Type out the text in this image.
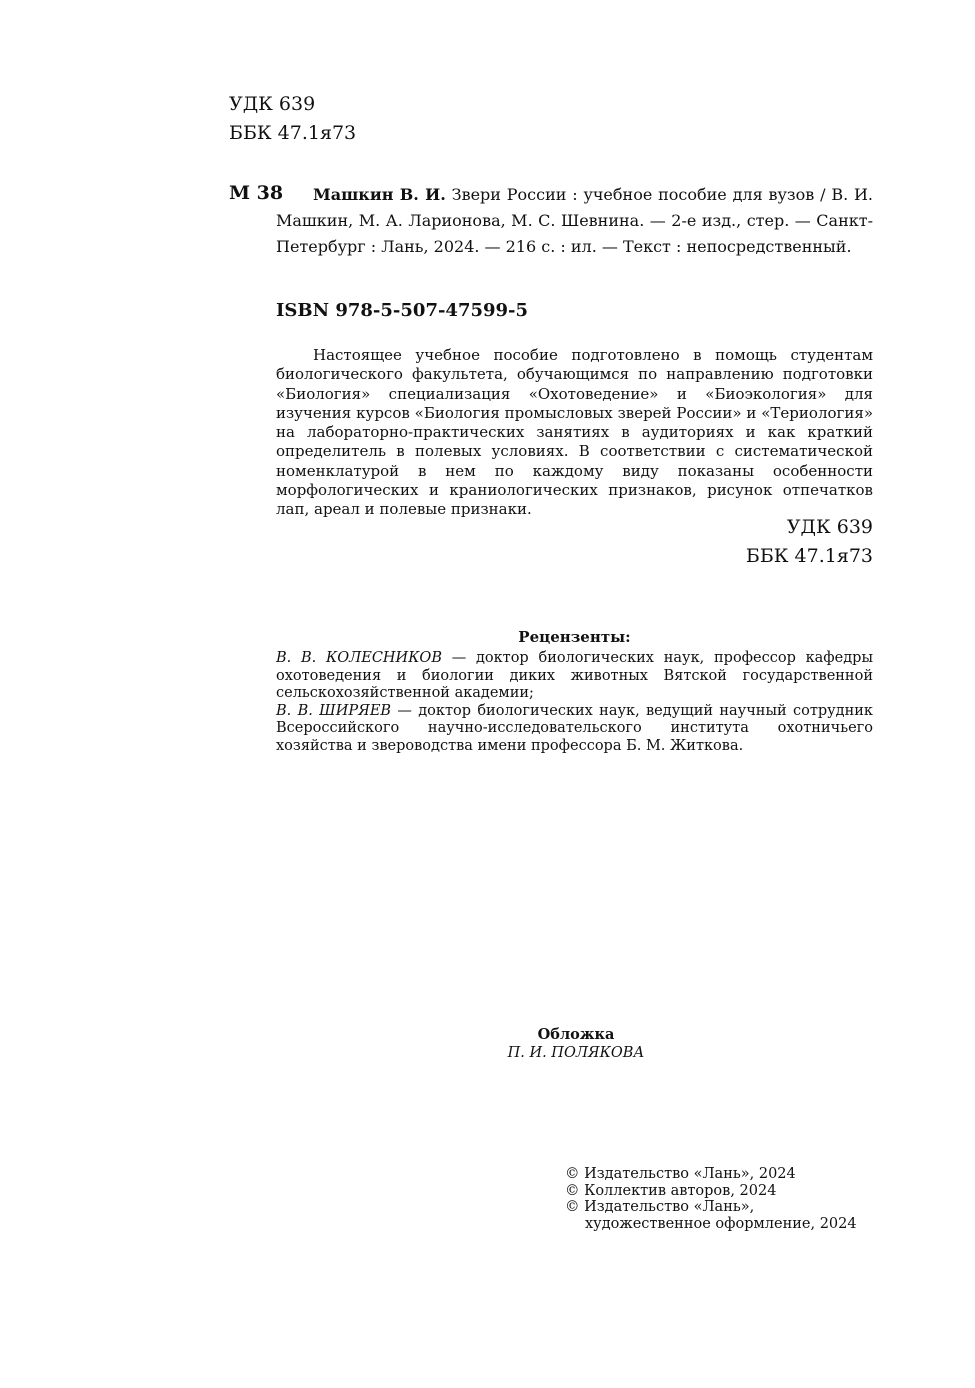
УДК 639
ББК 47.1я73
М 38	Машкин В. И. Звери России : учебное пособие для вузов / В. И. Машкин, М. А. Ларионова, М. С. Шевнина. — 2-е изд., стер. — Санкт-Петербург : Лань, 2024. — 216 с. : ил. — Текст : непосредственный.
ISBN 978-5-507-47599-5
Настоящее учебное пособие подготовлено в помощь студентам биологического факультета, обучающимся по направлению подготовки «Биология» специализация «Охотоведение» и «Биоэкология» для изучения курсов «Биология промысловых зверей России» и «Териология» на лабораторно-практических занятиях в аудиториях и как краткий определитель в полевых условиях. В соответствии с систематической номенклатурой в нем по каждому виду показаны особенности морфологических и краниологических признаков, рисунок отпечатков лап, ареал и полевые признаки.
УДК 639
ББК 47.1я73
Рецензенты:
В. В. КОЛЕСНИКОВ — доктор биологических наук, профессор кафедры охотоведения и биологии диких животных Вятской государственной сельскохозяйственной академии;
В. В. ШИРЯЕВ — доктор биологических наук, ведущий научный сотрудник Всероссийского научно-исследовательского института охотничьего хозяйства и звероводства имени профессора Б. М. Житкова.
Обложка
П. И. ПОЛЯКОВА
© Издательство «Лань», 2024
© Коллектив авторов, 2024
© Издательство «Лань»,
художественное оформление, 2024
